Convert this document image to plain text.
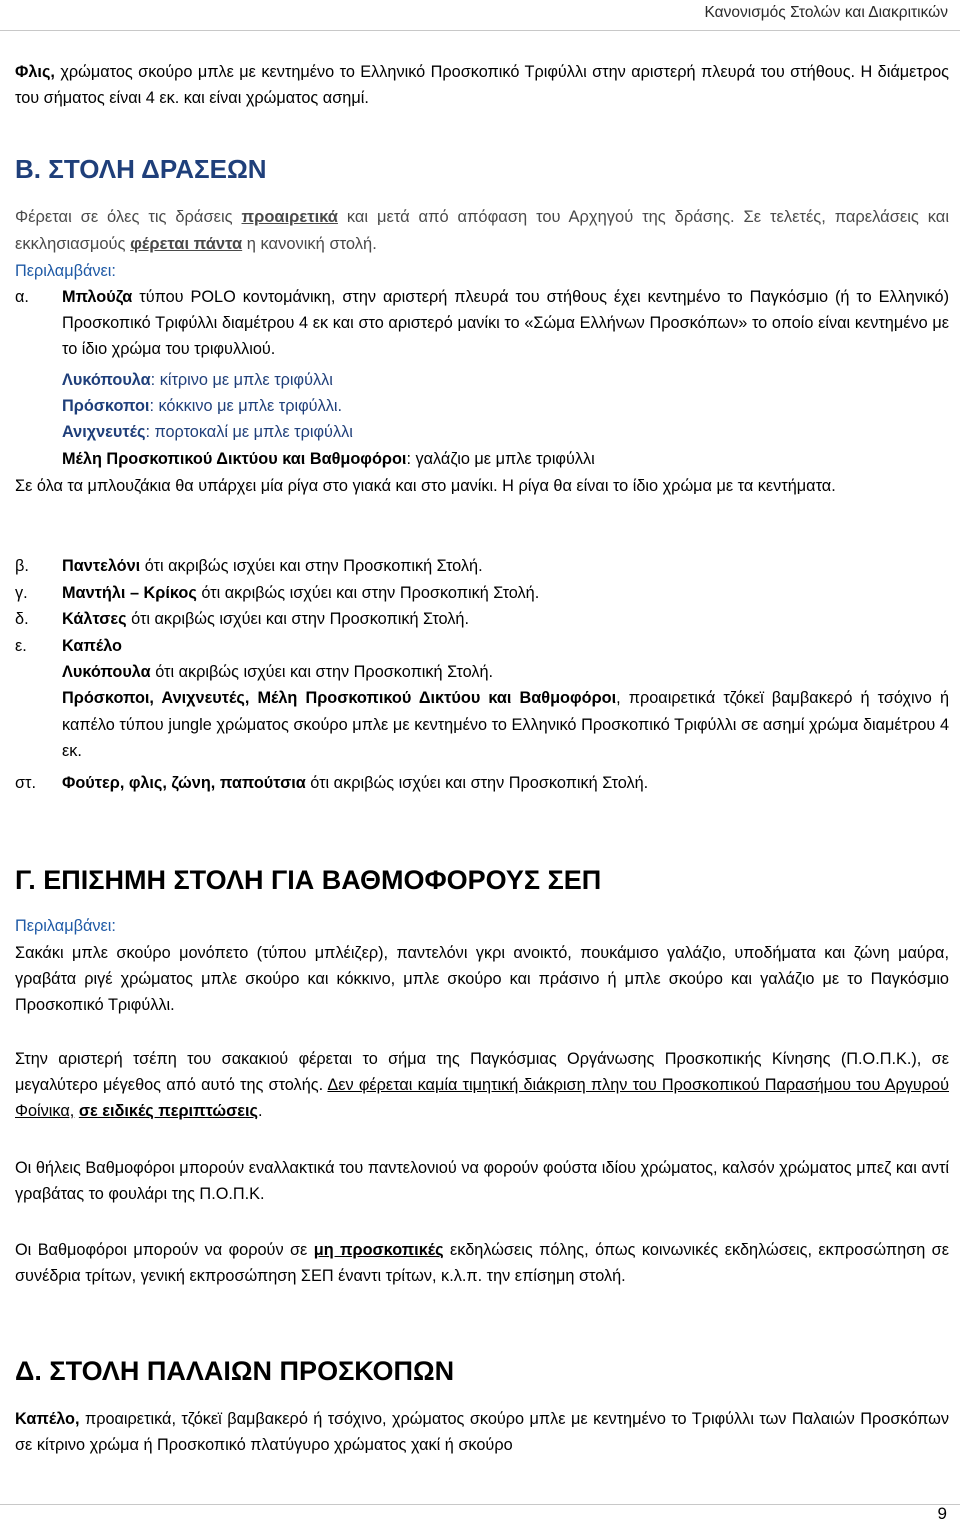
Κανονισμός Στολών και Διακριτικών
Φλις, χρώματος σκούρο μπλε με κεντημένο το Ελληνικό Προσκοπικό Τριφύλλι στην αριστερή πλευρά του στήθους. Η διάμετρος του σήματος είναι 4 εκ. και είναι χρώματος ασημί.
Β. ΣΤΟΛΗ ΔΡΑΣΕΩΝ
Φέρεται σε όλες τις δράσεις προαιρετικά και μετά από απόφαση του Αρχηγού της δράσης. Σε τελετές, παρελάσεις και εκκλησιασμούς φέρεται πάντα η κανονική στολή.
Περιλαμβάνει:
α. Μπλούζα τύπου POLO κοντομάνικη, στην αριστερή πλευρά του στήθους έχει κεντημένο το Παγκόσμιο (ή το Ελληνικό) Προσκοπικό Τριφύλλι διαμέτρου 4 εκ και στο αριστερό μανίκι το «Σώμα Ελλήνων Προσκόπων» το οποίο είναι κεντημένο με το ίδιο χρώμα του τριφυλλιού.
Λυκόπουλα: κίτρινο με μπλε τριφύλλι
Πρόσκοποι: κόκκινο με μπλε τριφύλλι.
Ανιχνευτές: πορτοκαλί με μπλε τριφύλλι
Μέλη Προσκοπικού Δικτύου και Βαθμοφόροι: γαλάζιο με μπλε τριφύλλι
Σε όλα τα μπλουζάκια θα υπάρχει μία ρίγα στο γιακά και στο μανίκι. Η ρίγα θα είναι το ίδιο χρώμα με τα κεντήματα.
β. Παντελόνι ότι ακριβώς ισχύει και στην Προσκοπική Στολή.
γ. Μαντήλι – Κρίκος ότι ακριβώς ισχύει και στην Προσκοπική Στολή.
δ. Κάλτσες ότι ακριβώς ισχύει και στην Προσκοπική Στολή.
ε. Καπέλο
Λυκόπουλα ότι ακριβώς ισχύει και στην Προσκοπική Στολή.
Πρόσκοποι, Ανιχνευτές, Μέλη Προσκοπικού Δικτύου και Βαθμοφόροι, προαιρετικά τζόκεϊ βαμβακερό ή τσόχινο ή καπέλο τύπου jungle χρώματος σκούρο μπλε με κεντημένο το Ελληνικό Προσκοπικό Τριφύλλι σε ασημί χρώμα διαμέτρου 4 εκ.
στ. Φούτερ, φλις, ζώνη, παπούτσια ότι ακριβώς ισχύει και στην Προσκοπική Στολή.
Γ. ΕΠΙΣΗΜΗ ΣΤΟΛΗ ΓΙΑ ΒΑΘΜΟΦΟΡΟΥΣ ΣΕΠ
Περιλαμβάνει:
Σακάκι μπλε σκούρο μονόπετο (τύπου μπλέιζερ), παντελόνι γκρι ανοικτό, πουκάμισο γαλάζιο, υποδήματα και ζώνη μαύρα, γραβάτα ριγέ χρώματος μπλε σκούρο και κόκκινο, μπλε σκούρο και πράσινο ή μπλε σκούρο και γαλάζιο με το Παγκόσμιο Προσκοπικό Τριφύλλι.
Στην αριστερή τσέπη του σακακιού φέρεται το σήμα της Παγκόσμιας Οργάνωσης Προσκοπικής Κίνησης (Π.Ο.Π.Κ.), σε μεγαλύτερο μέγεθος από αυτό της στολής. Δεν φέρεται καμία τιμητική διάκριση πλην του Προσκοπικού Παρασήμου του Αργυρού Φοίνικα, σε ειδικές περιπτώσεις.
Οι θήλεις Βαθμοφόροι μπορούν εναλλακτικά του παντελονιού να φορούν φούστα ιδίου χρώματος, καλσόν χρώματος μπεζ και αντί γραβάτας το φουλάρι της Π.Ο.Π.Κ.
Οι Βαθμοφόροι μπορούν να φορούν σε μη προσκοπικές εκδηλώσεις πόλης, όπως κοινωνικές εκδηλώσεις, εκπροσώπηση σε συνέδρια τρίτων, γενική εκπροσώπηση ΣΕΠ έναντι τρίτων, κ.λ.π. την επίσημη στολή.
Δ. ΣΤΟΛΗ ΠΑΛΑΙΩΝ ΠΡΟΣΚΟΠΩΝ
Καπέλο, προαιρετικά, τζόκεϊ βαμβακερό ή τσόχινο, χρώματος σκούρο μπλε με κεντημένο το Τριφύλλι των Παλαιών Προσκόπων σε κίτρινο χρώμα ή Προσκοπικό πλατύγυρο χρώματος χακί ή σκούρο
9
